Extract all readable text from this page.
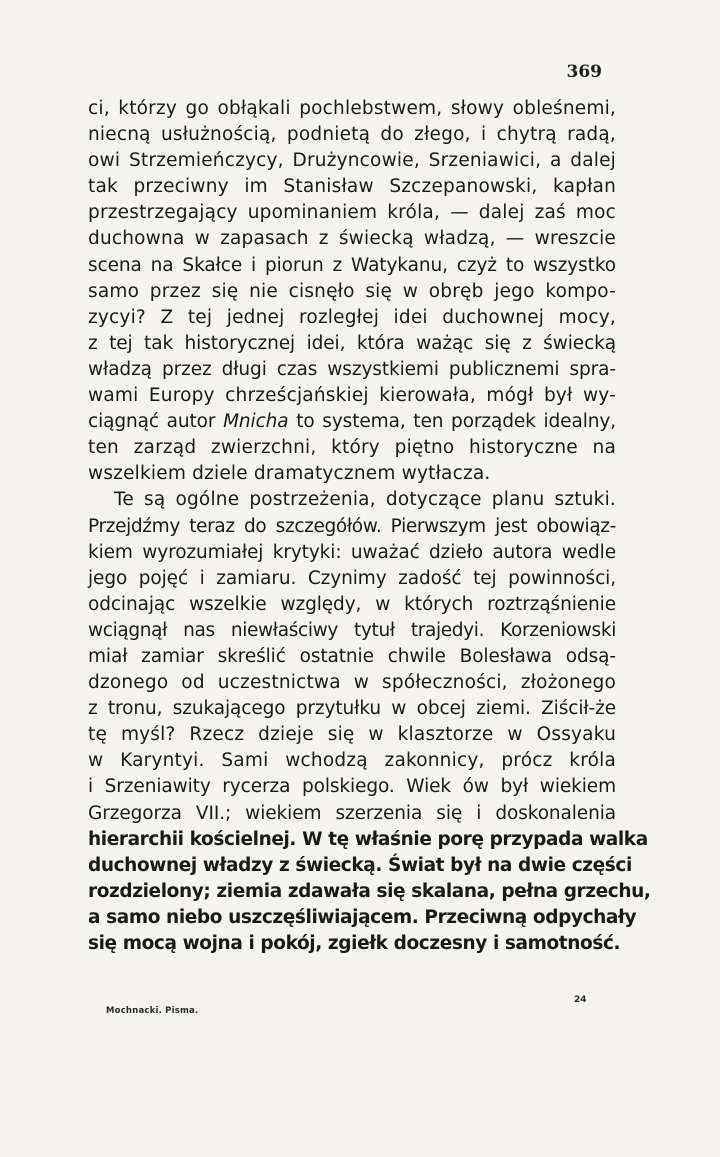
369
ci, którzy go obłąkali pochlebstwem, słowy obleśnemi,
niecną usłużnością, podnietą do złego, i chytrą radą,
owi Strzemieńczycy, Drużyncowie, Srzeniawici, a dalej
tak przeciwny im Stanisław Szczepanowski, kapłan
przestrzegający upominaniem króla, — dalej zaś moc
duchowna w zapasach z świecką władzą, — wreszcie
scena na Skałce i piorun z Watykanu, czyż to wszystko
samo przez się nie cisnęło się w obręb jego kompo-
zycyi? Z tej jednej rozległej idei duchownej mocy,
z tej tak historycznej idei, która ważąc się z świecką
władzą przez długi czas wszystkiemi publicznemi spra-
wami Europy chrześcjańskiej kierowała, mógł był wy-
ciągnąć autor Mnicha to systema, ten porządek idealny,
ten zarząd zwierzchni, który piętno historyczne na
wszelkiem dziele dramatycznem wytłacza.
Te są ogólne postrzeżenia, dotyczące planu sztuki.
Przejdźmy teraz do szczegółów. Pierwszym jest obowiąz-
kiem wyrozumiałej krytyki: uważać dzieło autora wedle
jego pojęć i zamiaru. Czynimy zadość tej powinności,
odcinając wszelkie względy, w których roztrząśnienie
wciągnął nas niewłaściwy tytuł trajedyi. Korzeniowski
miał zamiar skreślić ostatnie chwile Bolesława odsą-
dzonego od uczestnictwa w spółeczności, złożonego
z tronu, szukającego przytułku w obcej ziemi. Ziścił-że
tę myśl? Rzecz dzieje się w klasztorze w Ossyaku
w Karyntyi. Sami wchodzą zakonnicy, prócz króla
i Srzeniawity rycerza polskiego. Wiek ów był wiekiem
Grzegorza VII.; wiekiem szerzenia się i doskonalenia
hierarchii kościelnej. W tę właśnie porę przypada walka
duchownej władzy z świecką. Świat był na dwie części
rozdzielony; ziemia zdawała się skalana, pełna grzechu,
a samo niebo uszczęśliwiającem. Przeciwną odpychały
się mocą wojna i pokój, zgiełk doczesny i samotność.
Mochnacki. Pisma.
24
